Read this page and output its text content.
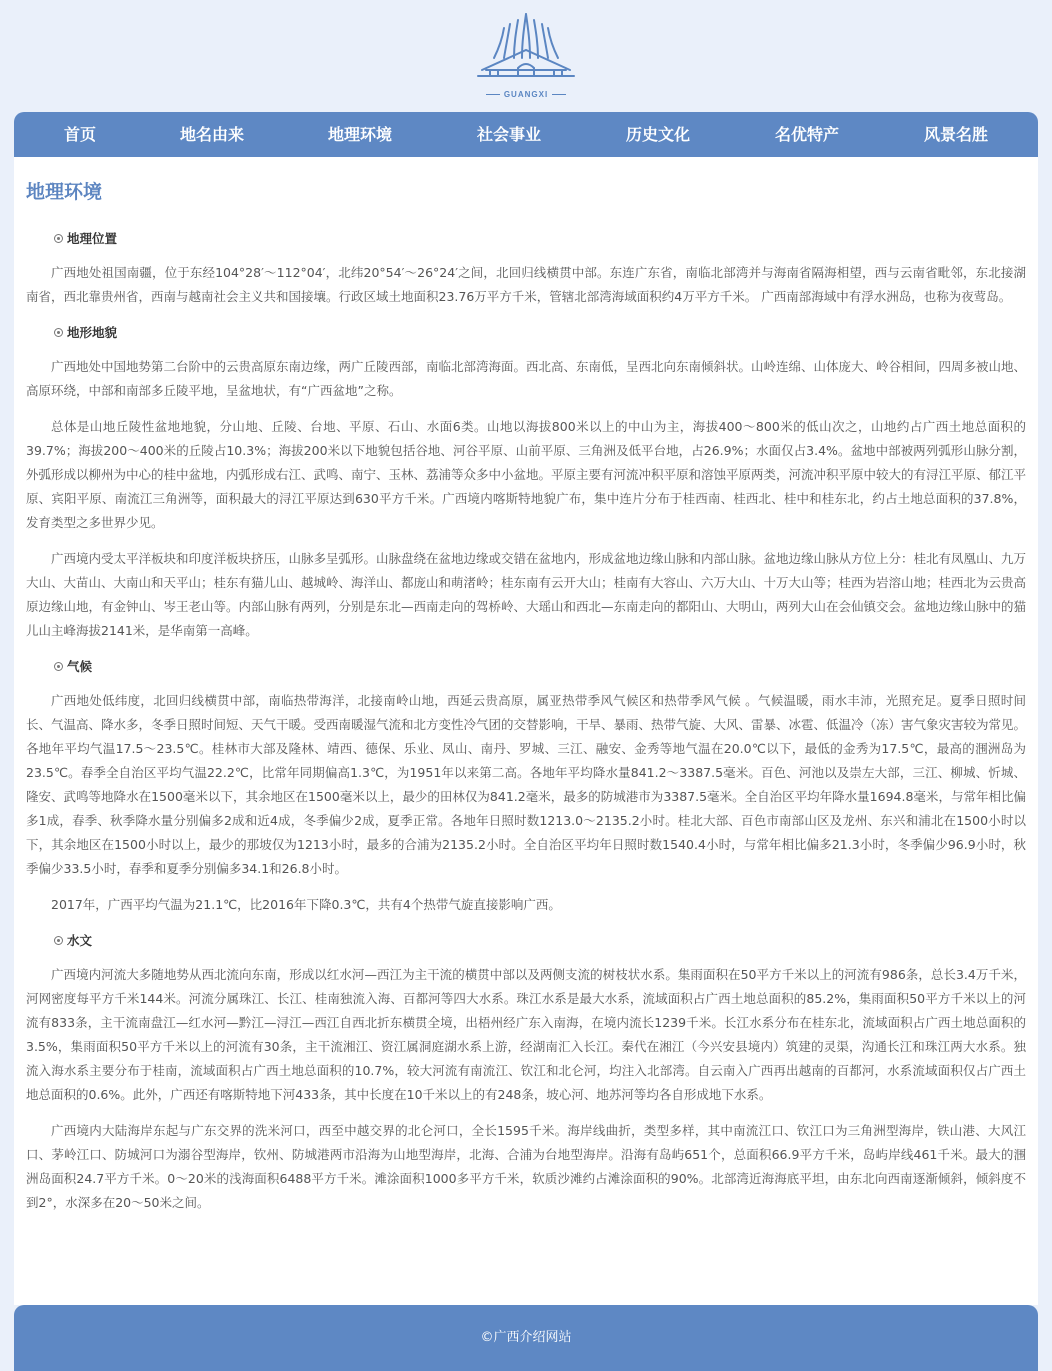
GUANGXI
首页	地名由来	地理环境	社会事业	历史文化	名优特产	风景名胜
地理环境
地理位置

广西地处祖国南疆，位于东经104°28′～112°04′，北纬20°54′～26°24′之间，北回归线横贯中部。东连广东省，南临北部湾并与海南省隔海相望，西与云南省毗邻，东北接湖南省，西北靠贵州省，西南与越南社会主义共和国接壤。行政区域土地面积23.76万平方千米，管辖北部湾海域面积约4万平方千米。 广西南部海域中有浮水洲岛，也称为夜莺岛。

地形地貌

广西地处中国地势第二台阶中的云贵高原东南边缘，两广丘陵西部，南临北部湾海面。西北高、东南低，呈西北向东南倾斜状。山岭连绵、山体庞大、岭谷相间，四周多被山地、高原环绕，中部和南部多丘陵平地，呈盆地状，有“广西盆地”之称。

总体是山地丘陵性盆地地貌，分山地、丘陵、台地、平原、石山、水面6类。山地以海拔800米以上的中山为主，海拔400～800米的低山次之，山地约占广西土地总面积的39.7%；海拔200～400米的丘陵占10.3%；海拔200米以下地貌包括谷地、河谷平原、山前平原、三角洲及低平台地，占26.9%；水面仅占3.4%。盆地中部被两列弧形山脉分割，外弧形成以柳州为中心的桂中盆地，内弧形成右江、武鸣、南宁、玉林、荔浦等众多中小盆地。平原主要有河流冲积平原和溶蚀平原两类，河流冲积平原中较大的有浔江平原、郁江平原、宾阳平原、南流江三角洲等，面积最大的浔江平原达到630平方千米。广西境内喀斯特地貌广布，集中连片分布于桂西南、桂西北、桂中和桂东北，约占土地总面积的37.8%，发育类型之多世界少见。

广西境内受太平洋板块和印度洋板块挤压，山脉多呈弧形。山脉盘绕在盆地边缘或交错在盆地内，形成盆地边缘山脉和内部山脉。盆地边缘山脉从方位上分：桂北有凤凰山、九万大山、大苗山、大南山和天平山；桂东有猫儿山、越城岭、海洋山、都庞山和萌渚岭；桂东南有云开大山；桂南有大容山、六万大山、十万大山等；桂西为岩溶山地；桂西北为云贵高原边缘山地，有金钟山、岑王老山等。内部山脉有两列，分别是东北—西南走向的驾桥岭、大瑶山和西北—东南走向的都阳山、大明山，两列大山在会仙镇交会。盆地边缘山脉中的猫儿山主峰海拔2141米，是华南第一高峰。

气候

广西地处低纬度，北回归线横贯中部，南临热带海洋，北接南岭山地，西延云贵高原，属亚热带季风气候区和热带季风气候 。气候温暖，雨水丰沛，光照充足。夏季日照时间长、气温高、降水多，冬季日照时间短、天气干暖。受西南暖湿气流和北方变性冷气团的交替影响，干旱、暴雨、热带气旋、大风、雷暴、冰雹、低温冷（冻）害气象灾害较为常见。各地年平均气温17.5～23.5℃。桂林市大部及隆林、靖西、德保、乐业、凤山、南丹、罗城、三江、融安、金秀等地气温在20.0℃以下，最低的金秀为17.5℃，最高的涠洲岛为23.5℃。春季全自治区平均气温22.2℃，比常年同期偏高1.3℃，为1951年以来第二高。各地年平均降水量841.2～3387.5毫米。百色、河池以及崇左大部，三江、柳城、忻城、隆安、武鸣等地降水在1500毫米以下，其余地区在1500毫米以上，最少的田林仅为841.2毫米，最多的防城港市为3387.5毫米。全自治区平均年降水量1694.8毫米，与常年相比偏多1成，春季、秋季降水量分别偏多2成和近4成，冬季偏少2成，夏季正常。各地年日照时数1213.0～2135.2小时。桂北大部、百色市南部山区及龙州、东兴和浦北在1500小时以下，其余地区在1500小时以上，最少的那坡仅为1213小时，最多的合浦为2135.2小时。全自治区平均年日照时数1540.4小时，与常年相比偏多21.3小时，冬季偏少96.9小时，秋季偏少33.5小时，春季和夏季分别偏多34.1和26.8小时。

2017年，广西平均气温为21.1℃，比2016年下降0.3℃，共有4个热带气旋直接影响广西。

水文

广西境内河流大多随地势从西北流向东南，形成以红水河—西江为主干流的横贯中部以及两侧支流的树枝状水系。集雨面积在50平方千米以上的河流有986条，总长3.4万千米，河网密度每平方千米144米。河流分属珠江、长江、桂南独流入海、百都河等四大水系。珠江水系是最大水系，流域面积占广西土地总面积的85.2%，集雨面积50平方千米以上的河流有833条，主干流南盘江—红水河—黔江—浔江—西江自西北折东横贯全境，出梧州经广东入南海，在境内流长1239千米。长江水系分布在桂东北，流域面积占广西土地总面积的3.5%，集雨面积50平方千米以上的河流有30条，主干流湘江、资江属洞庭湖水系上游，经湖南汇入长江。秦代在湘江（今兴安县境内）筑建的灵渠，沟通长江和珠江两大水系。独流入海水系主要分布于桂南，流域面积占广西土地总面积的10.7%，较大河流有南流江、钦江和北仑河，均注入北部湾。自云南入广西再出越南的百都河，水系流域面积仅占广西土地总面积的0.6%。此外，广西还有喀斯特地下河433条，其中长度在10千米以上的有248条，坡心河、地苏河等均各自形成地下水系。

广西境内大陆海岸东起与广东交界的洗米河口，西至中越交界的北仑河口，全长1595千米。海岸线曲折，类型多样，其中南流江口、钦江口为三角洲型海岸，铁山港、大风江口、茅岭江口、防城河口为溺谷型海岸，钦州、防城港两市沿海为山地型海岸，北海、合浦为台地型海岸。沿海有岛屿651个，总面积66.9平方千米，岛屿岸线461千米。最大的涠洲岛面积24.7平方千米。0～20米的浅海面积6488平方千米。滩涂面积1000多平方千米，软质沙滩约占滩涂面积的90%。北部湾近海海底平坦，由东北向西南逐渐倾斜，倾斜度不到2°，水深多在20～50米之间。

©广西介绍网站
